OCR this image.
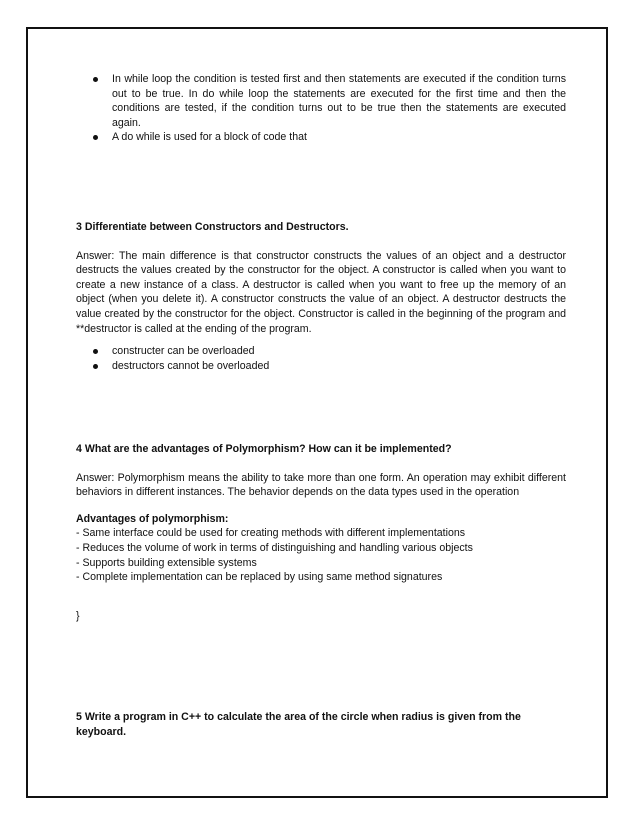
In while loop the condition is tested first and then statements are executed if the condition turns out to be true. In do while loop the statements are executed for the first time and then the conditions are tested, if the condition turns out to be true then the statements are executed again.
A do while is used for a block of code that

3 Differentiate between Constructors and Destructors.

Answer: The main difference is that constructor constructs the values of an object and a destructor destructs the values created by the constructor for the object. A constructor is called when you want to create a new instance of a class. A destructor is called when you want to free up the memory of an object (when you delete it). A constructor constructs the value of an object. A destructor destructs the value created by the constructor for the object. Constructor is called in the beginning of the program and **destructor is called at the ending of the program.

constructer can be overloaded
destructors cannot be overloaded

4 What are the advantages of Polymorphism? How can it be implemented?

Answer: Polymorphism means the ability to take more than one form. An operation may exhibit different behaviors in different instances. The behavior depends on the data types used in the operation

Advantages of polymorphism:

- Same interface could be used for creating methods with different implementations

- Reduces the volume of work in terms of distinguishing and handling various objects

- Supports building extensible systems

- Complete implementation can be replaced by using same method signatures

}

5 Write a program in C++ to calculate the area of the circle when radius is given from the keyboard.
